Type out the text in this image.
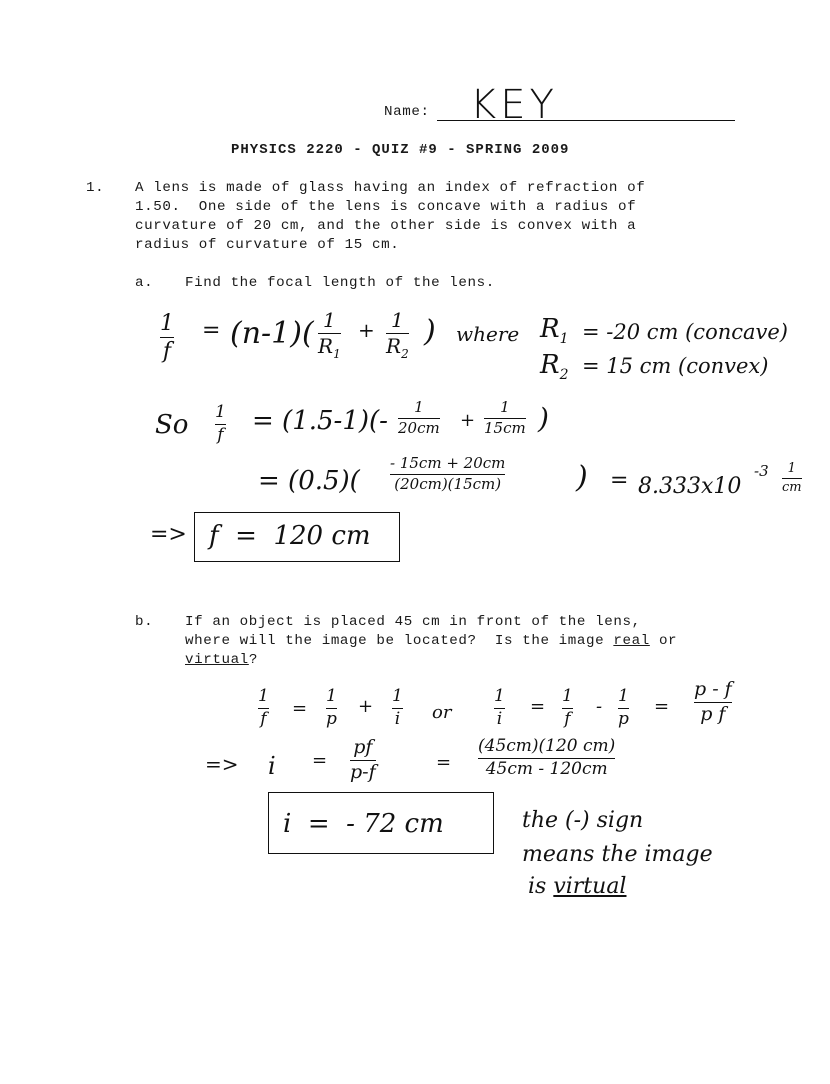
Name: KEY
PHYSICS 2220 - QUIZ #9 - SPRING 2009
1. A lens is made of glass having an index of refraction of
1.50.  One side of the lens is concave with a radius of
curvature of 20 cm, and the other side is convex with a
radius of curvature of 15 cm.
a. Find the focal length of the lens.
1
f
= (n-1)( 1
$R_1$
+ 1
$R_2$
) where $R_1 = -20$ cm (concave)
$R_2 = 15$ cm (convex)
So 1
f = (1.5-1)(- 1
20cm +
1
15cm )
= (0.5)(
- 15cm + 20cm
(20cm)(15cm) ) = 8.333x10
-3 1
cm
=> f  =  120 cm
b. If an object is placed 45 cm in front of the lens,
where will the image be located?  Is the image real or
virtual?
1
f =
1
p
+ 1
i or
1
i
= 1
f
- 1
p
=
p - f
p f
=> i =
pf
p-f	=
(45cm)(120 cm)
45cm - 120cm
i  =  - 72 cm	the (-) sign
means the image
is virtual
